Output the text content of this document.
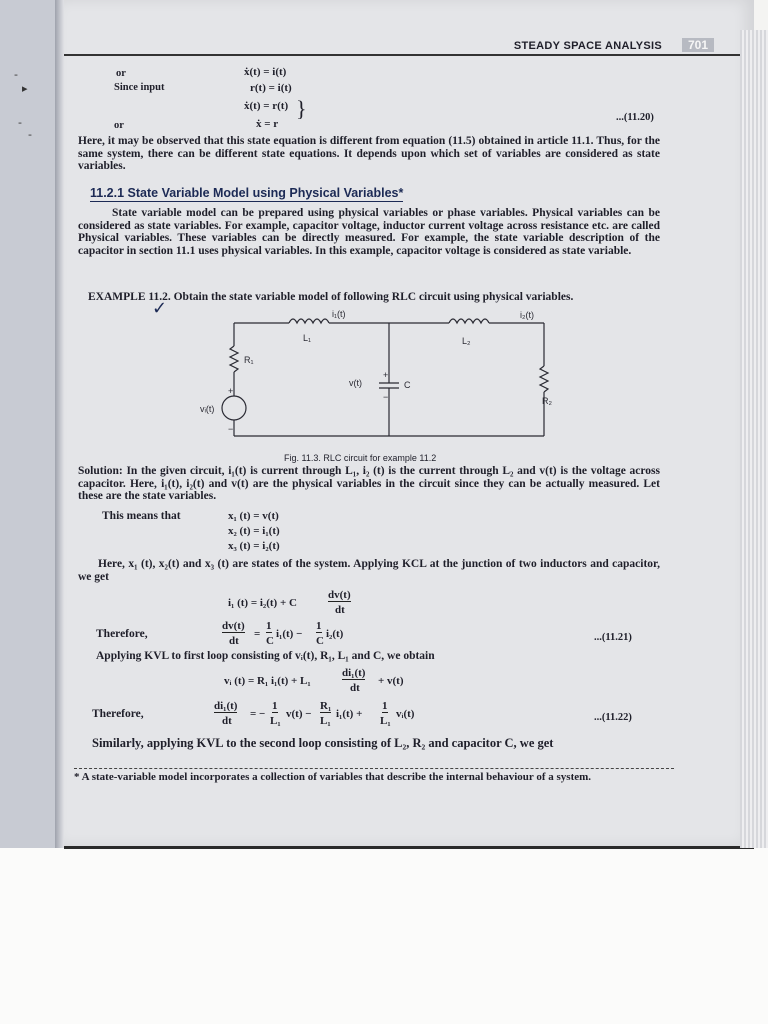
-
▸
-
-
STEADY SPACE ANALYSIS	701
or	ẋ(t) = i(t)
Since input	r(t) = i(t)
ẋ(t) = r(t)
or	ẋ = r
}	...(11.20)
Here, it may be observed that this state equation is different from equation (11.5) obtained in article 11.1. Thus, for the same system, there can be different state equations. It depends upon which set of variables are considered as state variables.
11.2.1 State Variable Model using Physical Variables*
State variable model can be prepared using physical variables or phase variables. Physical variables can be considered as state variables. For example, capacitor voltage, inductor current voltage across resistance etc. are called Physical variables. These variables can be directly measured. For example, the state variable description of the capacitor in section 11.1 uses physical variables. In this example, capacitor voltage is considered as state variable.
EXAMPLE 11.2. Obtain the state variable model of following RLC circuit using physical variables.
✓	i₁(t)	i₂(t)
L₁	L₂
R₁
R₂
C
v(t)
+
−
vᵢ(t)
+
−
Fig. 11.3. RLC circuit for example 11.2
Solution: In the given circuit, i₁(t) is current through L₁, i₂ (t) is the current through L₂ and v(t) is the voltage across capacitor. Here, i₁(t), i₂(t) and v(t) are the physical variables in the circuit since they can be actually measured. Let these are the state variables.
This means that	x₁ (t) = v(t)
x₂ (t) = i₁(t)
x₃ (t) = i₂(t)
Here, x₁ (t), x₂(t) and x₃ (t) are states of the system. Applying KCL at the junction of two inductors and capacitor, we get
i₁ (t) = i₂(t) + C
dv(t)
dt
Therefore,
dv(t)
dt
=
1
C
i₁(t) −
1
C
i₂(t)	...(11.21)
Applying KVL to first loop consisting of vᵢ(t), R₁, L₁ and C, we obtain
vᵢ (t) = R₁ i₁(t) + L₁
di₁(t)
dt
+ v(t)
Therefore,
di₁(t)
dt
= −
1
L₁
v(t) −
R₁
L₁
i₁(t) +
1
L₁
vᵢ(t)	...(11.22)
Similarly, applying KVL to the second loop consisting of L₂, R₂ and capacitor C, we get
* A state-variable model incorporates a collection of variables that describe the internal behaviour of a system.
